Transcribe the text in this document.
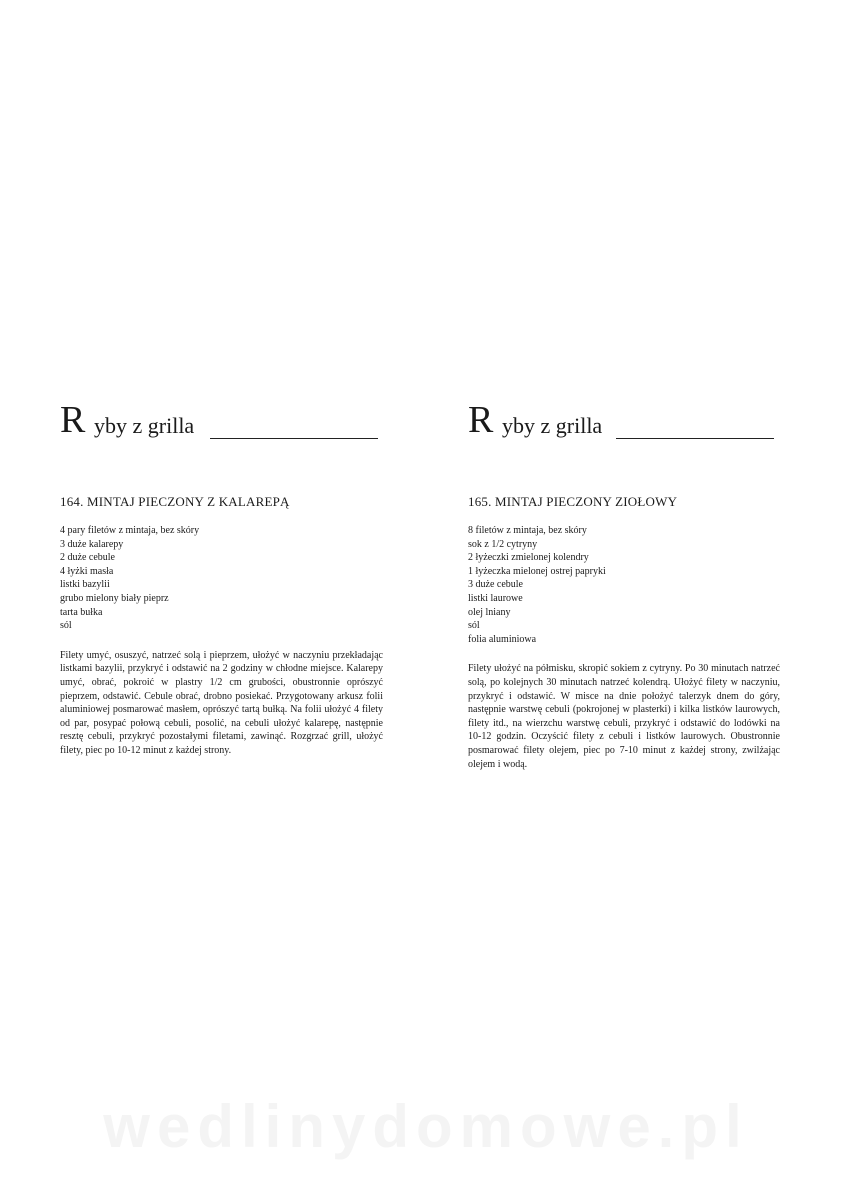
R yby z grilla
164. MINTAJ PIECZONY Z KALAREPĄ
4 pary filetów z mintaja, bez skóry
3 duże kalarepy
2 duże cebule
4 łyżki masła
listki bazylii
grubo mielony biały pieprz
tarta bułka
sól

Filety umyć, osuszyć, natrzeć solą i pieprzem, ułożyć w naczyniu przekładając listkami bazylii, przykryć i odstawić na 2 godziny w chłodne miejsce. Kalarepy umyć, obrać, pokroić w plastry 1/2 cm grubości, obustronnie oprószyć pieprzem, odstawić. Cebule obrać, drobno posiekać. Przygotowany arkusz folii aluminiowej posmarować masłem, oprószyć tartą bułką. Na folii ułożyć 4 filety od par, posypać połową cebuli, posolić, na cebuli ułożyć kalarepę, następnie resztę cebuli, przykryć pozostałymi filetami, zawinąć. Rozgrzać grill, ułożyć filety, piec po 10-12 minut z każdej strony.

R yby z grilla
165. MINTAJ PIECZONY ZIOŁOWY
8 filetów z mintaja, bez skóry
sok z 1/2 cytryny
2 łyżeczki zmielonej kolendry
1 łyżeczka mielonej ostrej papryki
3 duże cebule
listki laurowe
olej lniany
sól
folia aluminiowa

Filety ułożyć na półmisku, skropić sokiem z cytryny. Po 30 minutach natrzeć solą, po kolejnych 30 minutach natrzeć kolendrą. Ułożyć filety w naczyniu, przykryć i odstawić. W misce na dnie położyć talerzyk dnem do góry, następnie warstwę cebuli (pokrojonej w plasterki) i kilka listków laurowych, filety itd., na wierzchu warstwę cebuli, przykryć i odstawić do lodówki na 10-12 godzin. Oczyścić filety z cebuli i listków laurowych. Obustronnie posmarować filety olejem, piec po 7-10 minut z każdej strony, zwilżając olejem i wodą.

wedlinydomowe.pl
